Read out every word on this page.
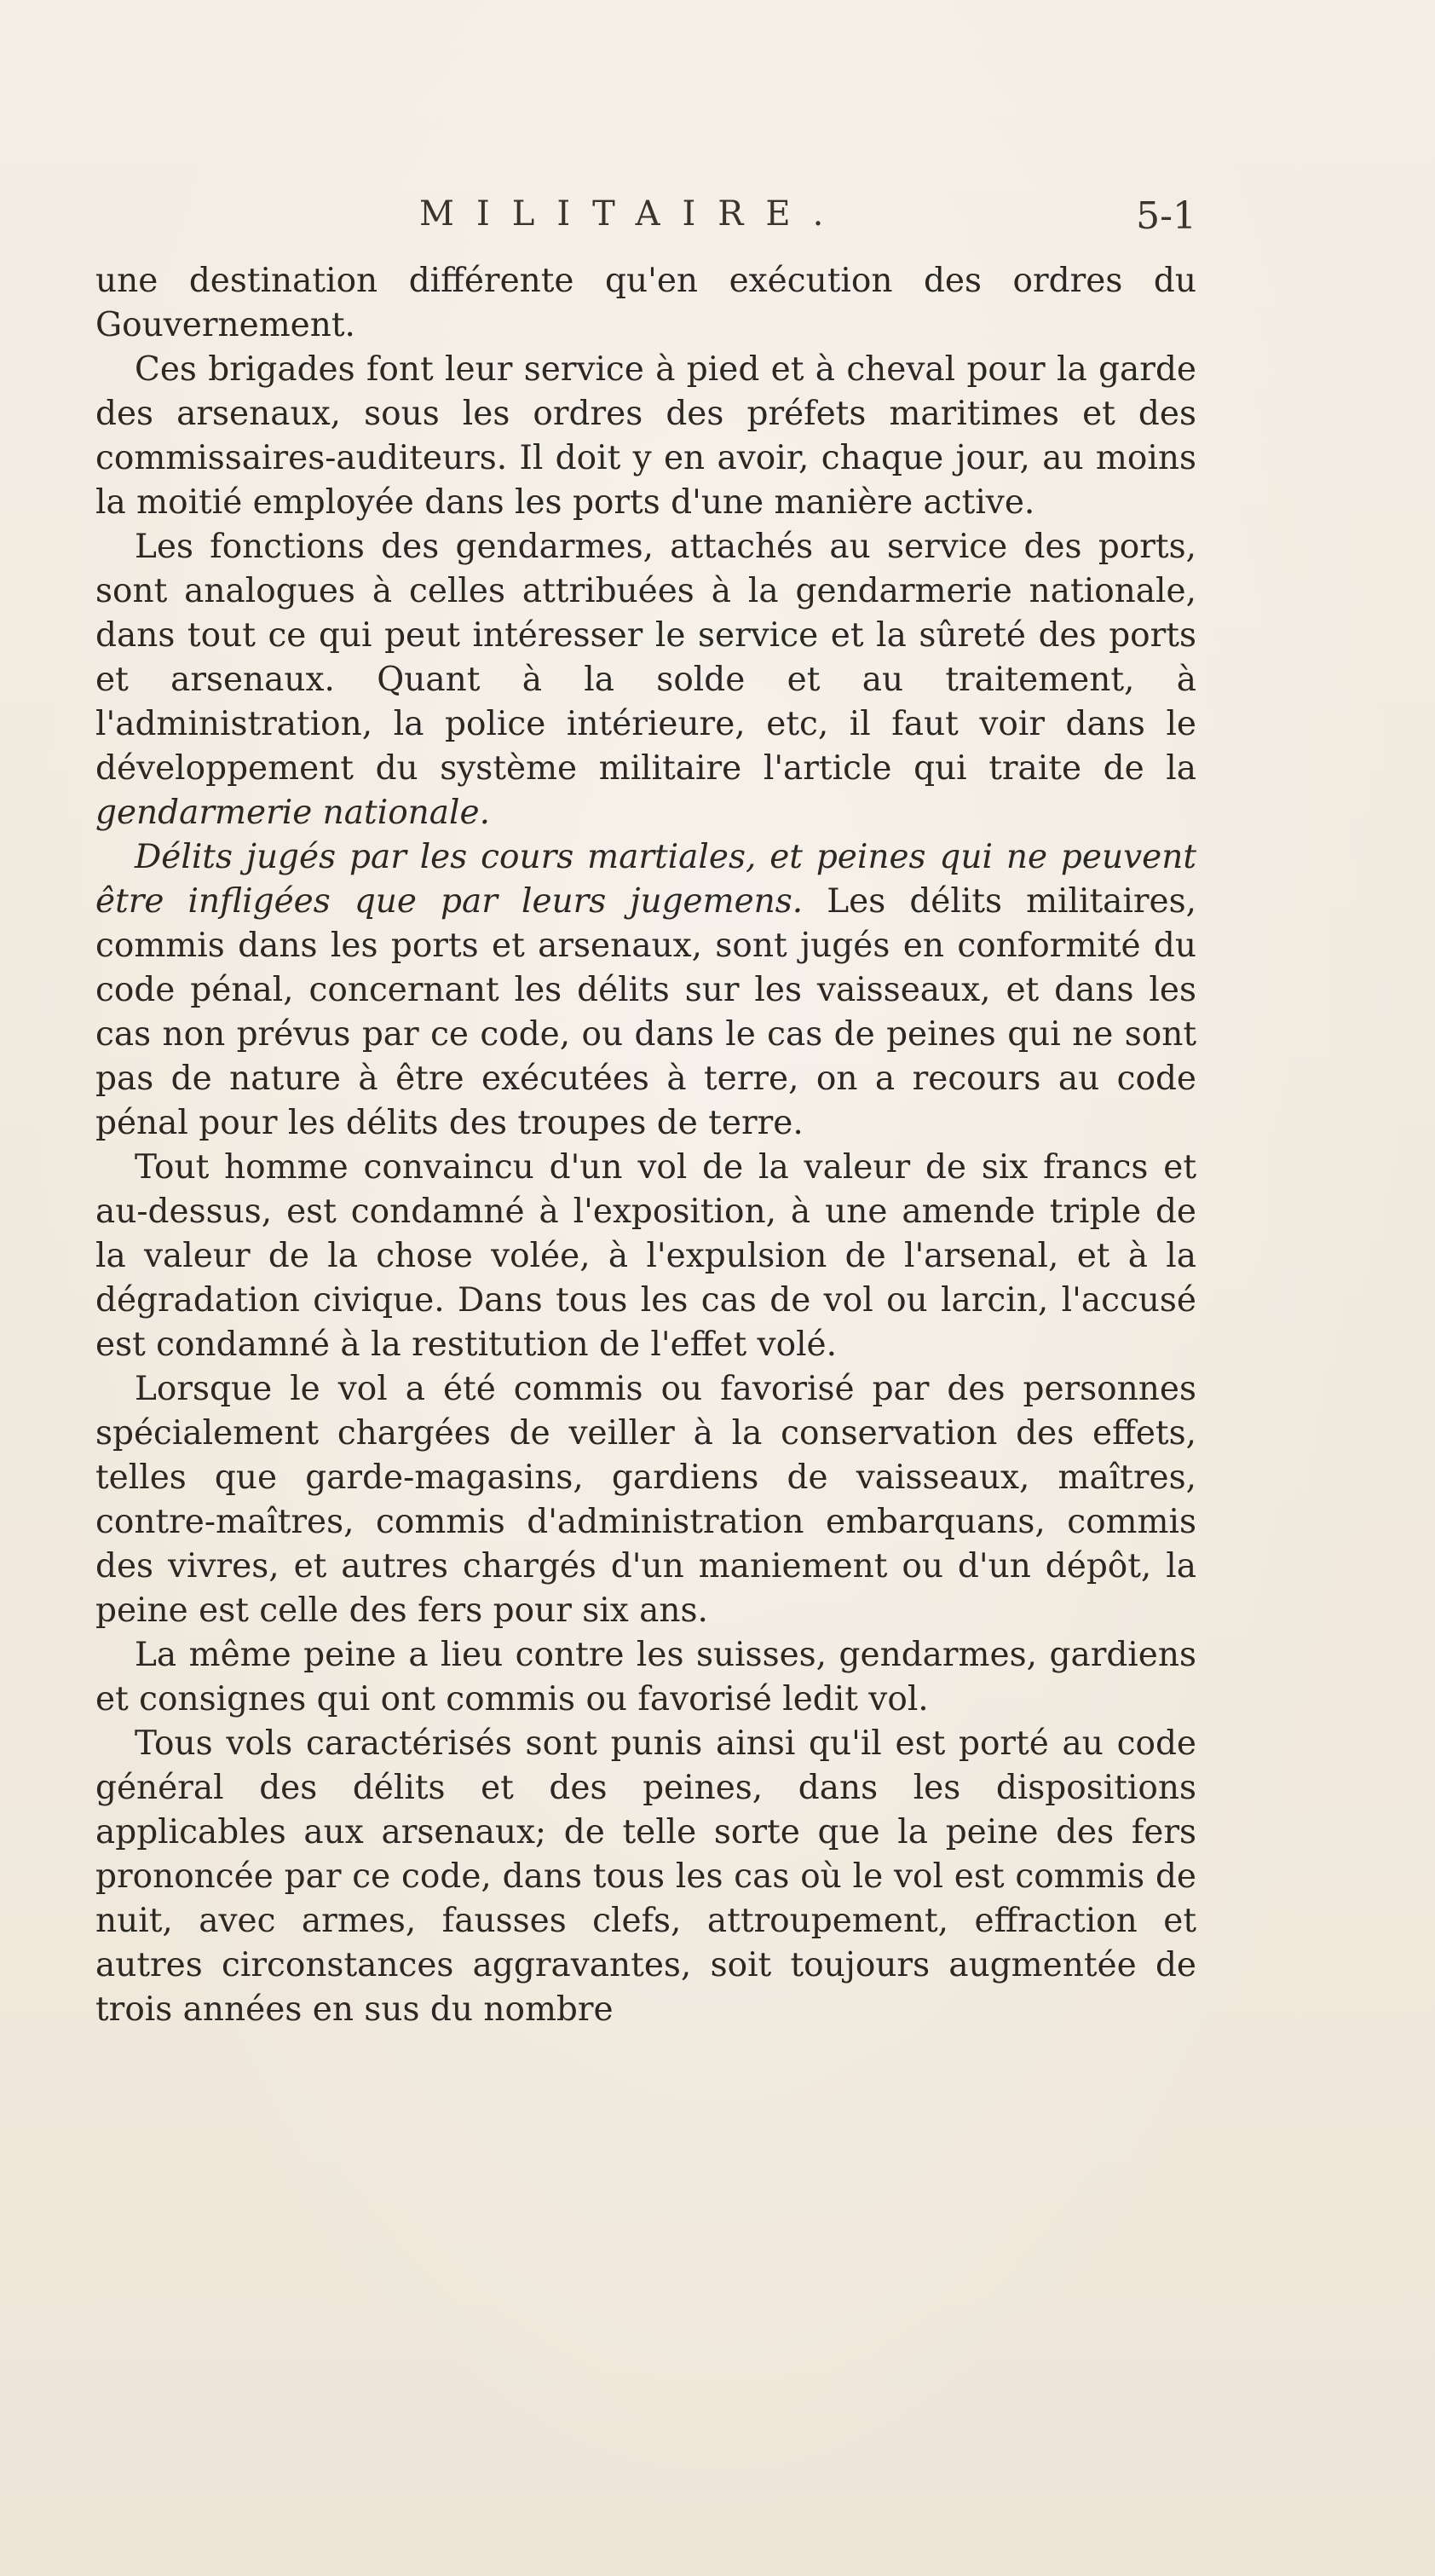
MILITAIRE.	5-1

une destination différente qu'en exécution des ordres du Gouvernement.

Ces brigades font leur service à pied et à cheval pour la garde des arsenaux, sous les ordres des préfets maritimes et des commissaires-auditeurs. Il doit y en avoir, chaque jour, au moins la moitié employée dans les ports d'une manière active.

Les fonctions des gendarmes, attachés au service des ports, sont analogues à celles attribuées à la gendarmerie nationale, dans tout ce qui peut intéresser le service et la sûreté des ports et arsenaux. Quant à la solde et au traitement, à l'administration, la police intérieure, etc, il faut voir dans le développement du système militaire l'article qui traite de la gendarmerie nationale.

Délits jugés par les cours martiales, et peines qui ne peuvent être infligées que par leurs jugemens. Les délits militaires, commis dans les ports et arsenaux, sont jugés en conformité du code pénal, concernant les délits sur les vaisseaux, et dans les cas non prévus par ce code, ou dans le cas de peines qui ne sont pas de nature à être exécutées à terre, on a recours au code pénal pour les délits des troupes de terre.

Tout homme convaincu d'un vol de la valeur de six francs et au-dessus, est condamné à l'exposition, à une amende triple de la valeur de la chose volée, à l'expulsion de l'arsenal, et à la dégradation civique. Dans tous les cas de vol ou larcin, l'accusé est condamné à la restitution de l'effet volé.

Lorsque le vol a été commis ou favorisé par des personnes spécialement chargées de veiller à la conservation des effets, telles que garde-magasins, gardiens de vaisseaux, maîtres, contre-maîtres, commis d'administration embarquans, commis des vivres, et autres chargés d'un maniement ou d'un dépôt, la peine est celle des fers pour six ans.

La même peine a lieu contre les suisses, gendarmes, gardiens et consignes qui ont commis ou favorisé ledit vol.

Tous vols caractérisés sont punis ainsi qu'il est porté au code général des délits et des peines, dans les dispositions applicables aux arsenaux; de telle sorte que la peine des fers prononcée par ce code, dans tous les cas où le vol est commis de nuit, avec armes, fausses clefs, attroupement, effraction et autres circonstances aggravantes, soit toujours augmentée de trois années en sus du nombre
